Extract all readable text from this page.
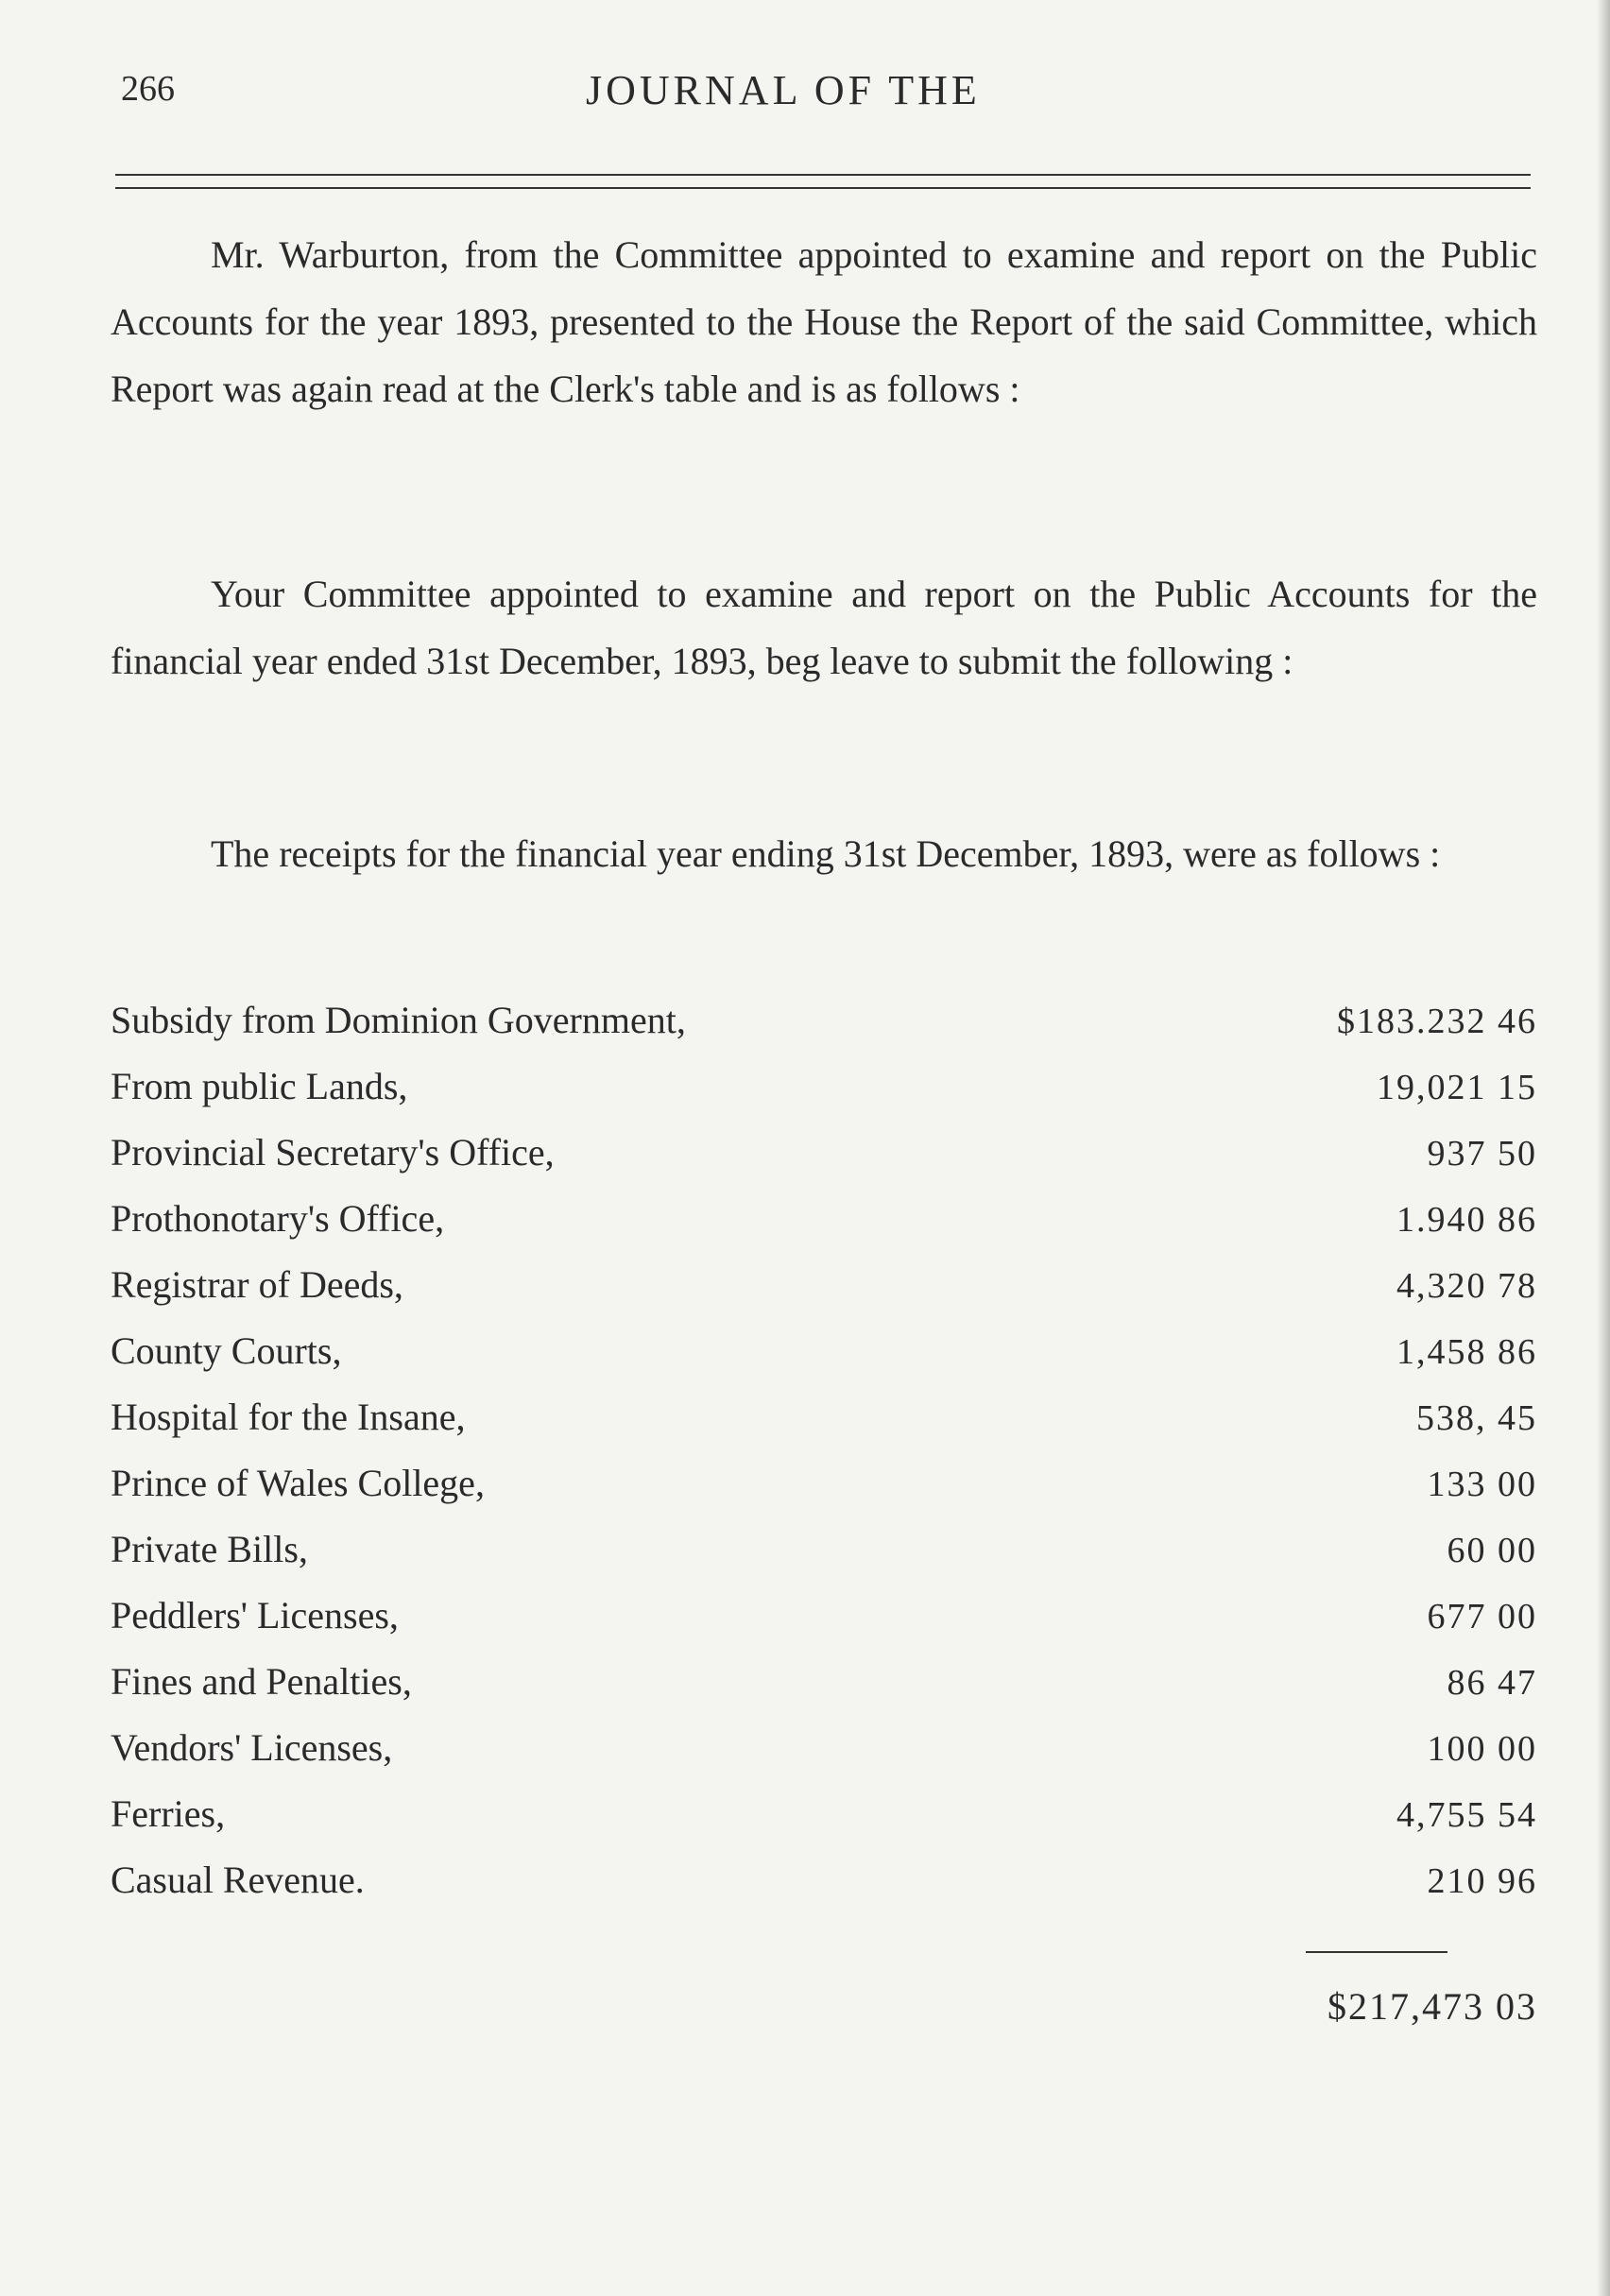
266	JOURNAL OF THE

Mr. Warburton, from the Committee appointed to examine and report on the Public Accounts for the year 1893, presented to the House the Report of the said Committee, which Report was again read at the Clerk's table and is as follows :

Your Committee appointed to examine and report on the Public Accounts for the financial year ended 31st December, 1893, beg leave to submit the following :

The receipts for the financial year ending 31st December, 1893, were as follows :

Subsidy from Dominion Government,	$183.232 46
From public Lands,	19,021 15
Provincial Secretary's Office,	937 50
Prothonotary's Office,	1.940 86
Registrar of Deeds,	4,320 78
County Courts,	1,458 86
Hospital for the Insane,	538, 45
Prince of Wales College,	133 00
Private Bills,	60 00
Peddlers' Licenses,	677 00
Fines and Penalties,	86 47
Vendors' Licenses,	100 00
Ferries,	4,755 54
Casual Revenue.	210 96
$217,473 03
